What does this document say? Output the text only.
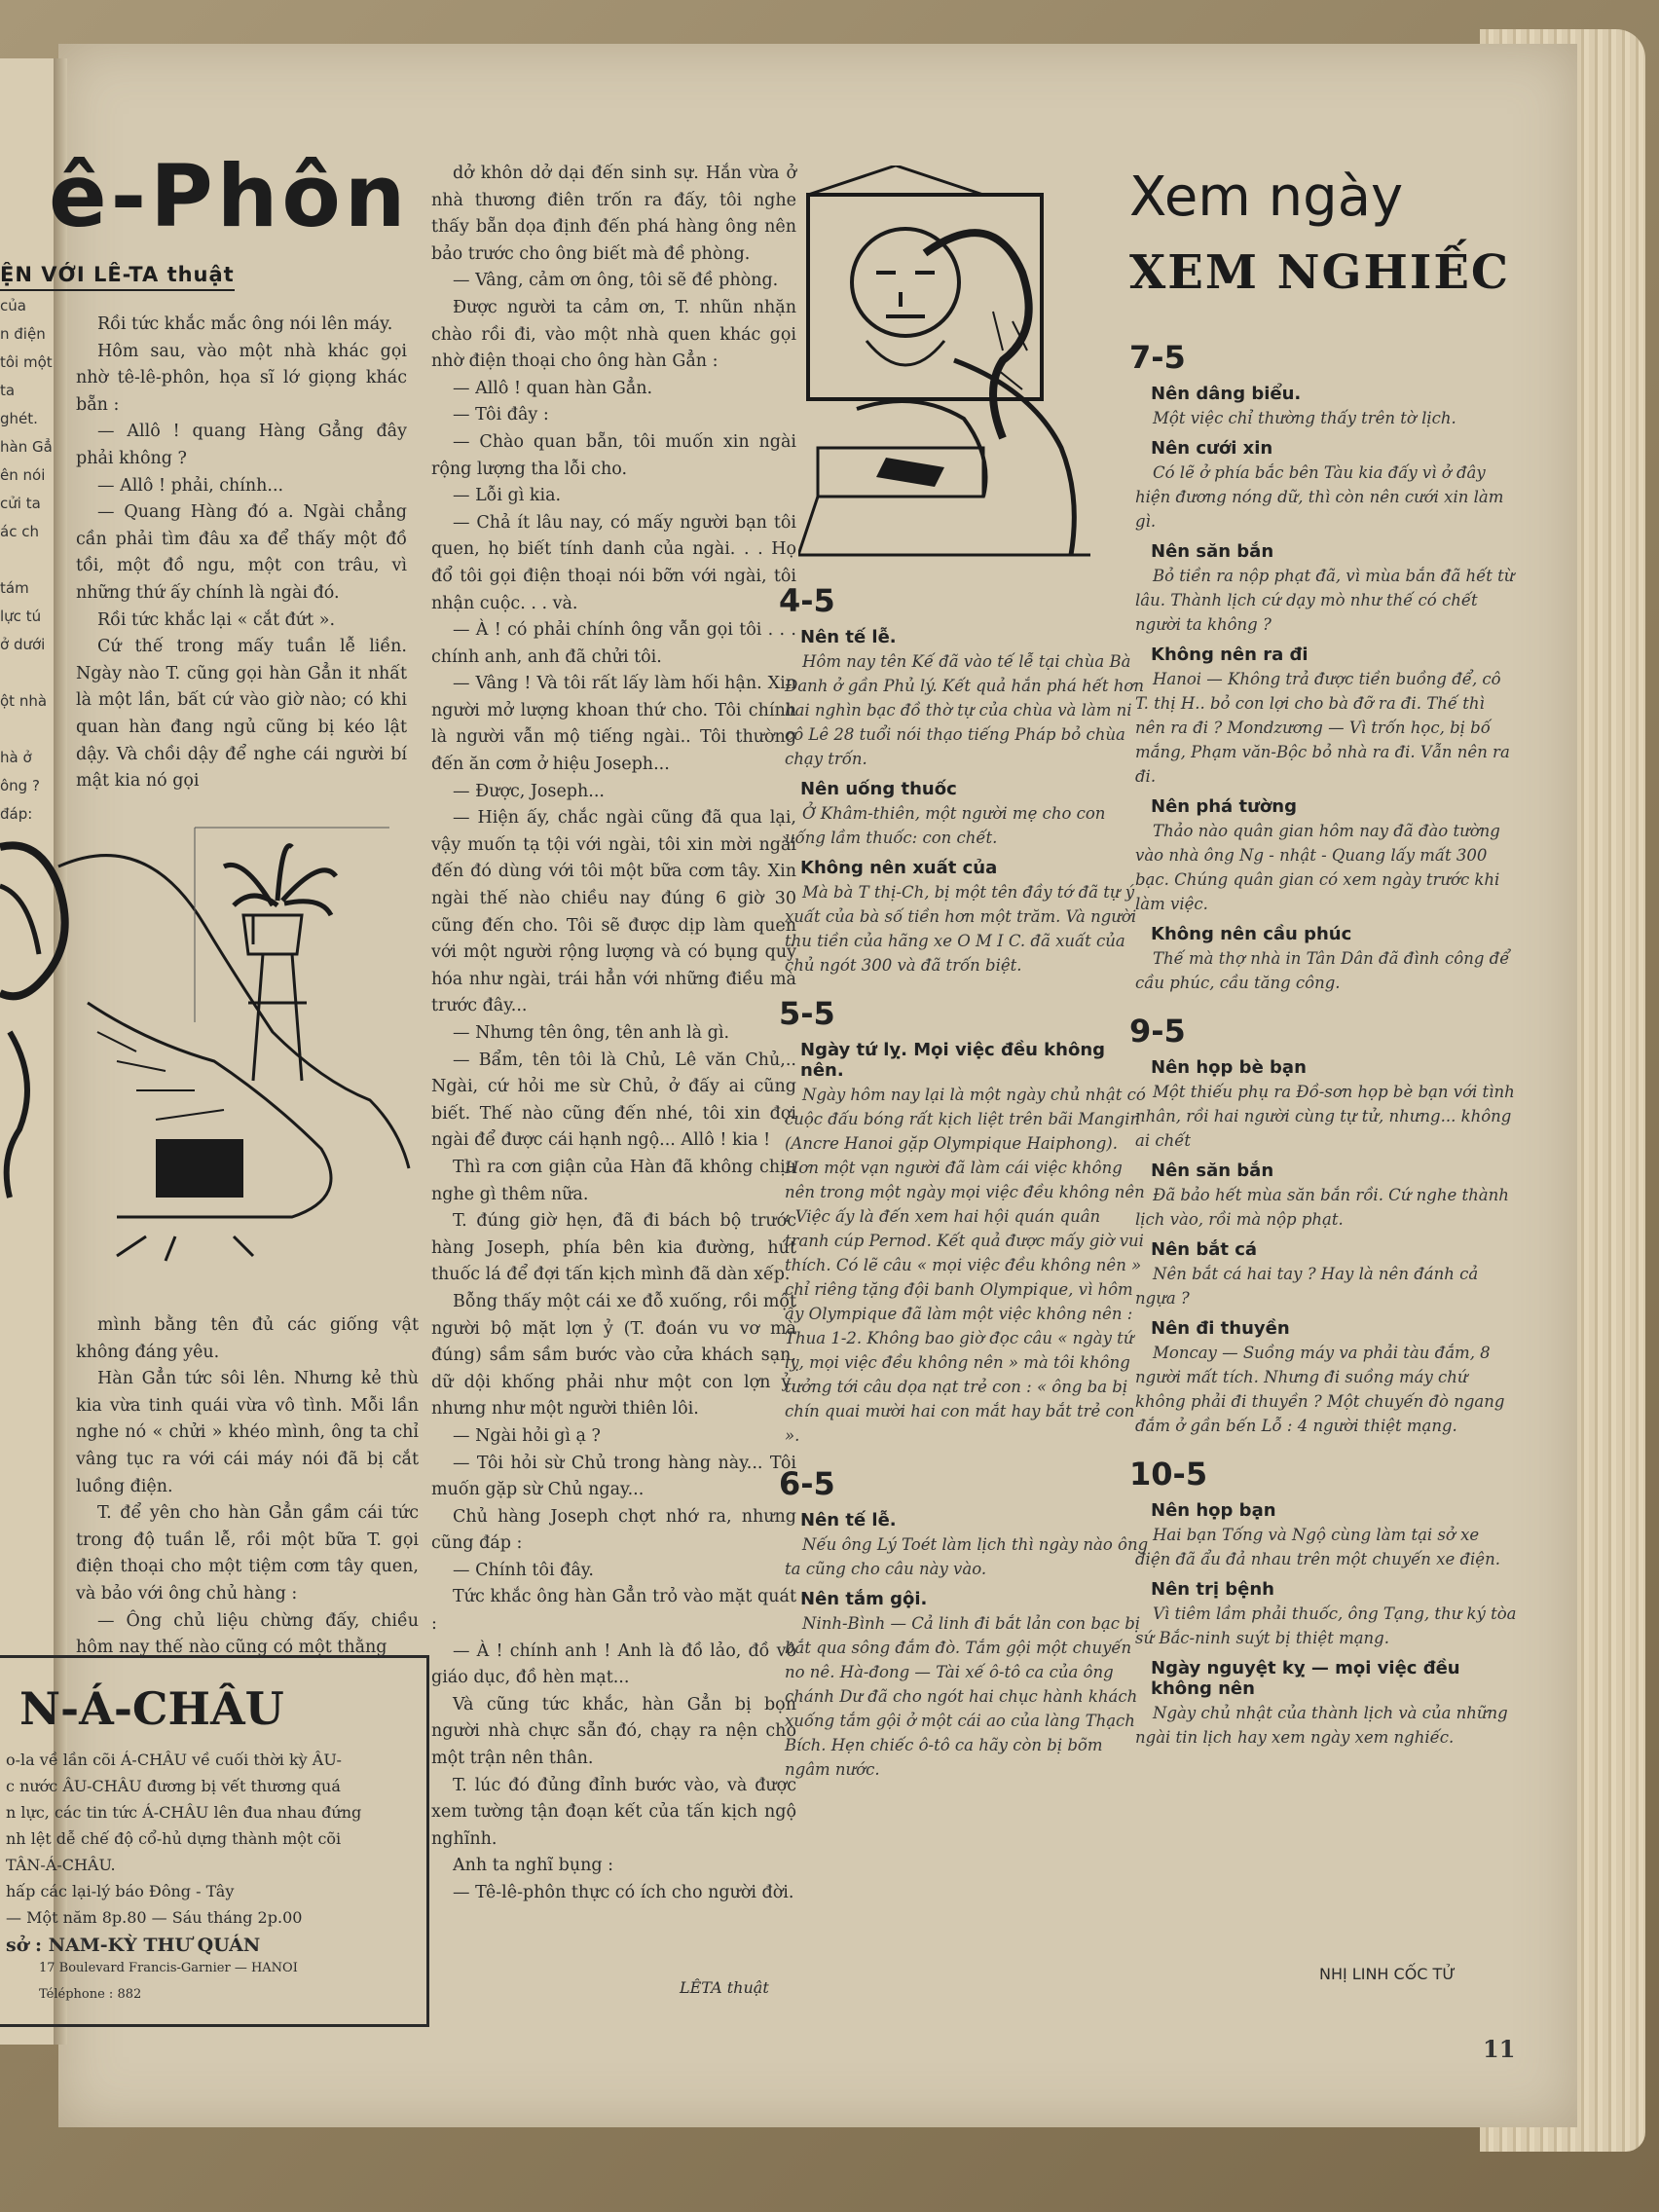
của
n điện
tôi một
ta
ghét.
hàn Gẳ
ên nói
cửi ta
ác ch

tám
lực tú
ở dưới

ột nhà

hà ở
ông ?
đáp:
ê-Phôn
ỆN VỚI LÊ-TA thuật

Rồi tức khắc mắc ông nói lên máy.

Hôm sau, vào một nhà khác gọi nhờ tê-lê-phôn, họa sĩ lớ giọng khác bẵn :

— Allô ! quang Hàng Gẳng đây phải không ?

— Allô ! phải, chính...

— Quang Hàng đó a. Ngài chẳng cần phải tìm đâu xa để thấy một đồ tồi, một đồ ngu, một con trâu, vì những thứ ấy chính là ngài đó.

Rồi tức khắc lại « cắt đứt ».

Cứ thế trong mấy tuần lễ liền. Ngày nào T. cũng gọi hàn Gẳn it nhất là một lần, bất cứ vào giờ nào; có khi quan hàn đang ngủ cũng bị kéo lật dậy. Và chồi dậy để nghe cái người bí mật kia nó gọi

mình bằng tên đủ các giống vật không đáng yêu.

Hàn Gẳn tức sôi lên. Nhưng kẻ thù kia vừa tinh quái vừa vô tình. Mỗi lần nghe nó « chửi » khéo mình, ông ta chỉ vâng tục ra với cái máy nói đã bị cắt luồng điện.

T. để yên cho hàn Gẳn gầm cái tức trong độ tuần lễ, rồi một bữa T. gọi điện thoại cho một tiệm cơm tây quen, và bảo với ông chủ hàng :

— Ông chủ liệu chừng đấy, chiều hôm nay thế nào cũng có một thằng

dở khôn dở dại đến sinh sự. Hắn vừa ở nhà thương điên trốn ra đấy, tôi nghe thấy bẵn dọa định đến phá hàng ông nên bảo trước cho ông biết mà đề phòng.

— Vâng, cảm ơn ông, tôi sẽ đề phòng.

Được người ta cảm ơn, T. nhũn nhặn chào rồi đi, vào một nhà quen khác gọi nhờ điện thoại cho ông hàn Gẳn :

— Allô ! quan hàn Gẳn.

— Tôi đây :

— Chào quan bẵn, tôi muốn xin ngài rộng lượng tha lỗi cho.

— Lỗi gì kia.

— Chả ít lâu nay, có mấy người bạn tôi quen, họ biết tính danh của ngài. . . Họ đổ tôi gọi điện thoại nói bỡn với ngài, tôi nhận cuộc. . . và.

— À ! có phải chính ông vẫn gọi tôi . . . chính anh, anh đã chửi tôi.

— Vâng ! Và tôi rất lấy làm hối hận. Xin người mở lượng khoan thứ cho. Tôi chính là người vẫn mộ tiếng ngài.. Tôi thường đến ăn cơm ở hiệu Joseph...

— Được, Joseph...

— Hiện ấy, chắc ngài cũng đã qua lại, vậy muốn tạ tội với ngài, tôi xin mời ngài đến đó dùng với tôi một bữa cơm tây. Xin ngài thế nào chiều nay đúng 6 giờ 30 cũng đến cho. Tôi sẽ được dịp làm quen với một người rộng lượng và có bụng quý hóa như ngài, trái hẳn với những điều mà trước đây...

— Nhưng tên ông, tên anh là gì.

— Bẩm, tên tôi là Chủ, Lê văn Chủ,.. Ngài, cứ hỏi me sừ Chủ, ở đấy ai cũng biết. Thế nào cũng đến nhé, tôi xin đợi ngài để được cái hạnh ngộ... Allô ! kia !

Thì ra cơn giận của Hàn đã không chịu nghe gì thêm nữa.

T. đúng giờ hẹn, đã đi bách bộ trước hàng Joseph, phía bên kia đường, hút thuốc lá để đợi tấn kịch mình đã dàn xếp.

Bỗng thấy một cái xe đỗ xuống, rồi một người bộ mặt lợn ỷ (T. đoán vu vơ mà đúng) sầm sầm bước vào cửa khách sạn, dữ dội khống phải như một con lợn ỷ, nhưng như một người thiên lôi.

— Ngài hỏi gì ạ ?

— Tôi hỏi sừ Chủ trong hàng này... Tôi muốn gặp sừ Chủ ngay...

Chủ hàng Joseph chợt nhớ ra, nhưng cũng đáp :

— Chính tôi đây.

Tức khắc ông hàn Gẳn trỏ vào mặt quát :

— À ! chính anh ! Anh là đồ lảo, đồ vô giáo dục, đồ hèn mạt...

Và cũng tức khắc, hàn Gẳn bị bọn người nhà chực sẵn đó, chạy ra nện cho một trận nên thân.

T. lúc đó đủng đỉnh bước vào, và được xem tường tận đoạn kết của tấn kịch ngộ nghĩnh.

Anh ta nghĩ bụng :

— Tê-lê-phôn thực có ích cho người đời.

LÊTA thuật
N-Á-CHÂU
o-la về lần cõi Á-CHÂU về cuối thời kỳ ÂU-
c nước ÂU-CHÂU đương bị vết thương quá
n lực, các tin tức Á-CHÂU lên đua nhau đứng
nh lệt dễ chế độ cổ-hủ dựng thành một cõi
TÂN-Á-CHÂU.
hấp các lại-lý báo Đông - Tây
— Một năm 8p.80 — Sáu tháng 2p.00
sở : NAM-KỲ THƯ QUÁN
17 Boulevard Francis-Garnier — HANOI
Téléphone : 882
Xem ngày
XEM NGHIẾC
4-5
Nên tế lễ.
Hôm nay tên Kế đã vào tế lễ tại chùa Bà Đanh ở gần Phủ lý. Kết quả hắn phá hết hơn hai nghìn bạc đồ thờ tự của chùa và làm ni cô Lê 28 tuổi nói thạo tiếng Pháp bỏ chùa chạy trốn.
Nên uống thuốc
Ở Khâm-thiên, một người mẹ cho con uống lầm thuốc: con chết.
Không nên xuất của
Mà bà T thị-Ch, bị một tên đầy tớ đã tự ý xuất của bà số tiền hơn một trăm. Và người thu tiền của hãng xe O M I C. đã xuất của chủ ngót 300 và đã trốn biệt.
5-5
Ngày tứ lỵ. Mọi việc đều không nên.
Ngày hôm nay lại là một ngày chủ nhật có cuộc đấu bóng rất kịch liệt trên bãi Mangin (Ancre Hanoi gặp Olympique Haiphong). Hơn một vạn người đã làm cái việc không nên trong một ngày mọi việc đều không nên : Việc ấy là đến xem hai hội quán quân tranh cúp Pernod. Kết quả được mấy giờ vui thích. Có lẽ câu « mọi việc đều không nên » chỉ riêng tặng đội banh Olympique, vì hôm ấy Olympique đã làm một việc không nên : Thua 1-2. Không bao giờ đọc câu « ngày tứ lỵ, mọi việc đều không nên » mà tôi không tưởng tới câu dọa nạt trẻ con : « ông ba bị chín quai mười hai con mắt hay bắt trẻ con ».
6-5
Nên tế lễ.
Nếu ông Lý Toét làm lịch thì ngày nào ông ta cũng cho câu này vào.
Nên tắm gội.
Ninh-Bình — Cả linh đi bắt lản con bạc bị bắt qua sông đắm đò. Tắm gội một chuyến no nê. Hà-đong — Tài xế ô-tô ca của ông chánh Dư đã cho ngót hai chục hành khách xuống tắm gội ở một cái ao của làng Thạch Bích. Hẹn chiếc ô-tô ca hãy còn bị bõm ngâm nước.
7-5
Nên dâng biểu.
Một việc chỉ thường thấy trên tờ lịch.
Nên cưới xin
Có lẽ ở phía bắc bên Tàu kia đấy vì ở đây hiện đương nóng dữ, thì còn nên cưới xin làm gì.
Nên săn bắn
Bỏ tiền ra nộp phạt đã, vì mùa bắn đã hết từ lâu. Thành lịch cứ dạy mò như thế có chết người ta không ?
Không nên ra đi
Hanoi — Không trả được tiền buồng để, cô T. thị H.. bỏ con lợi cho bà đỡ ra đi. Thế thì nên ra đi ? Mondzương — Vì trốn học, bị bố mắng, Phạm văn-Bộc bỏ nhà ra đi. Vẫn nên ra đi.
Nên phá tường
Thảo nào quân gian hôm nay đã đào tường vào nhà ông Ng - nhật - Quang lấy mất 300 bạc. Chúng quân gian có xem ngày trước khi làm việc.
Không nên cầu phúc
Thế mà thợ nhà in Tân Dân đã đình công để cầu phúc, cầu tăng công.
9-5
Nên họp bè bạn
Một thiếu phụ ra Đồ-sơn họp bè bạn với tình nhân, rồi hai người cùng tự tử, nhưng... không ai chết
Nên săn bắn
Đã bảo hết mùa săn bắn rồi. Cứ nghe thành lịch vào, rồi mà nộp phạt.
Nên bắt cá
Nên bắt cá hai tay ? Hay là nên đánh cả ngựa ?
Nên đi thuyền
Moncay — Suồng máy va phải tàu đắm, 8 người mất tích. Nhưng đi suồng máy chứ không phải đi thuyền ? Một chuyến đò ngang đắm ở gần bến Lỗ : 4 người thiệt mạng.
10-5
Nên họp bạn
Hai bạn Tống và Ngộ cùng làm tại sở xe điện đã ẩu đả nhau trên một chuyến xe điện.
Nên trị bệnh
Vì tiêm lầm phải thuốc, ông Tạng, thư ký tòa sứ Bắc-ninh suýt bị thiệt mạng.
Ngày nguyệt kỵ — mọi việc đều không nên
Ngày chủ nhật của thành lịch và của những ngài tin lịch hay xem ngày xem nghiếc.
NHỊ LINH CỐC TỬ
11
